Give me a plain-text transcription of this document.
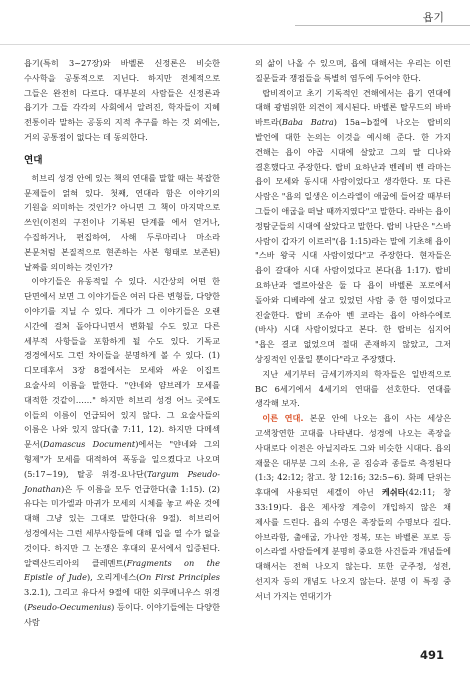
욥기

욥기(특히 3~27장)와 바벨론 신정론은 비슷한 수사학을 공통적으로 지닌다. 하지만 전체적으로 그들은 완전히 다르다. 대부분의 사람들은 신정론과 욥기가 그들 각각의 사회에서 알려진, 학자들이 지혜 전통이라 말하는 공동의 지적 추구를 하는 것 외에는, 거의 공통점이 없다는 데 동의한다.

연대

히브리 성경 안에 있는 책의 연대를 말할 때는 복잡한 문제들이 얽혀 있다. 첫째, 연대라 함은 이야기의 기원을 의미하는 것인가? 아니면 그 책이 마지막으로 쓰인(이전의 구전이나 기록된 단계를 에서 얻거나, 수집하거나, 편집하여, 사해 두루마리나 마소라 본문처럼 본질적으로 현존하는 사본 형태로 보존된) 날짜를 의미하는 것인가?

이야기들은 유동적일 수 있다. 시간상의 어떤 한 단면에서 보면 그 이야기들은 여러 다른 변형들, 다양한 이야기를 지닐 수 있다. 게다가 그 이야기들은 오랜 시간에 걸쳐 돌아다니면서 변화될 수도 있고 다른 세부적 사항들을 포함하게 될 수도 있다. 기독교 경경에서도 그런 차이들을 분명하게 볼 수 있다. (1) 디모데후서 3장 8절에서는 모세와 싸운 이집트 요술사의 이름을 말한다. "얀네와 얌브레가 모세를 대적한 것같이……" 하지만 히브리 성경 어느 곳에도 이들의 이름이 언급되어 있지 않다. 그 요술사들의 이름은 나와 있지 않다(출 7:11, 12). 하지만 다메섹 문서(Damascus Document)에서는 "얀네와 그의 형제"가 모세를 대적하여 폭동을 일으켰다고 나오며(5:17~19), 탈공 위경-요나단(Targum Pseudo-Jonathan)은 두 이름을 모두 언급한다(출 1:15). (2) 유다는 미가엘과 마귀가 모세의 시체를 놓고 싸운 것에 대해 그냥 있는 그대로 말한다(유 9절). 히브리어 성경에서는 그런 세부사항들에 대해 입을 열 수가 없을 것이다. 하지만 그 논쟁은 후대의 문서에서 입증된다. 알렉산드리아의 클레멘트(Fragments on the Epistle of Jude), 오리게네스(On First Principles 3.2.1), 그리고 유다서 9절에 대한 외쿠메니우스 위경(Pseudo-Oecumenius) 등이다. 이야기들에는 다양한 사람

의 삶이 나올 수 있으며, 욥에 대해서는 우리는 이런 질문들과 쟁점들을 특별히 염두에 두어야 한다.

랍비적이고 초기 기독적인 견해에서는 욥기 연대에 대해 광범위한 의견이 제시된다. 바벨론 탈무드의 바바 바트라(Baba Batra) 15a~b절에 나오는 랍비의 발언에 대한 논의는 이것을 예시해 준다. 한 가지 견해는 욥이 야곱 시대에 살았고 그의 딸 디나와 결혼했다고 주장한다. 랍비 요하난과 벤레비 벤 라마는 욥이 모세와 동시대 사람이었다고 생각한다. 또 다른 사람은 "욥의 일생은 이스라엘이 애굽에 들어갈 때부터 그들이 애굽을 떠날 때까지였다"고 말한다. 라바는 욥이 정탐군들의 시대에 살았다고 말한다. 랍비 나단은 "스바 사람이 갑자기 이르러"(욥 1:15)라는 말에 기초해 욥이 "스바 왕국 시대 사람이었다"고 주장한다. 현자들은 욥이 갈대아 시대 사람이었다고 본다(욥 1:17). 랍비 요하난과 엘르아살은 둘 다 욥이 바벨론 포로에서 돌아와 디베랴에 살고 있었던 사람 중 한 명이었다고 진술한다. 랍비 조슈아 벤 코라는 욥이 아하수에로(바사) 시대 사람이었다고 본다. 한 랍비는 심지어 "욥은 결코 없었으며 절대 존재하지 않았고, 그저 상징적인 인물일 뿐이다"라고 주장했다.

지난 세기부터 금세기까지의 학자들은 일반적으로 BC 6세기에서 4세기의 연대를 선호한다. 연대를 생각해 보자.

이른 연대. 본문 안에 나오는 욥이 사는 세상은 고색창연한 고대를 나타낸다. 성경에 나오는 족장을 사대로다 이전은 아닐지라도 그와 비슷한 시대다. 욥의 재물은 대부분 그의 소유, 곧 짐승과 종들로 측정된다(1:3; 42:12; 참고. 창 12:16; 32:5~6). 화폐 단위는 후대에 사용되던 세겔이 아닌 케쉬타(42:11; 창 33:19)다. 욥은 제사장 계층이 개입하지 않은 채 제사를 드린다. 욥의 수명은 족장들의 수명보다 길다. 아브라함, 출애굽, 가나안 정복, 또는 바벨론 포로 등 이스라엘 사람들에게 분명히 중요한 사건들과 개념들에 대해서는 전혀 나오지 않는다. 또한 군주정, 성전, 선지자 등의 개념도 나오지 않는다. 분명 이 특징 중 서너 가지는 연대기가

491
